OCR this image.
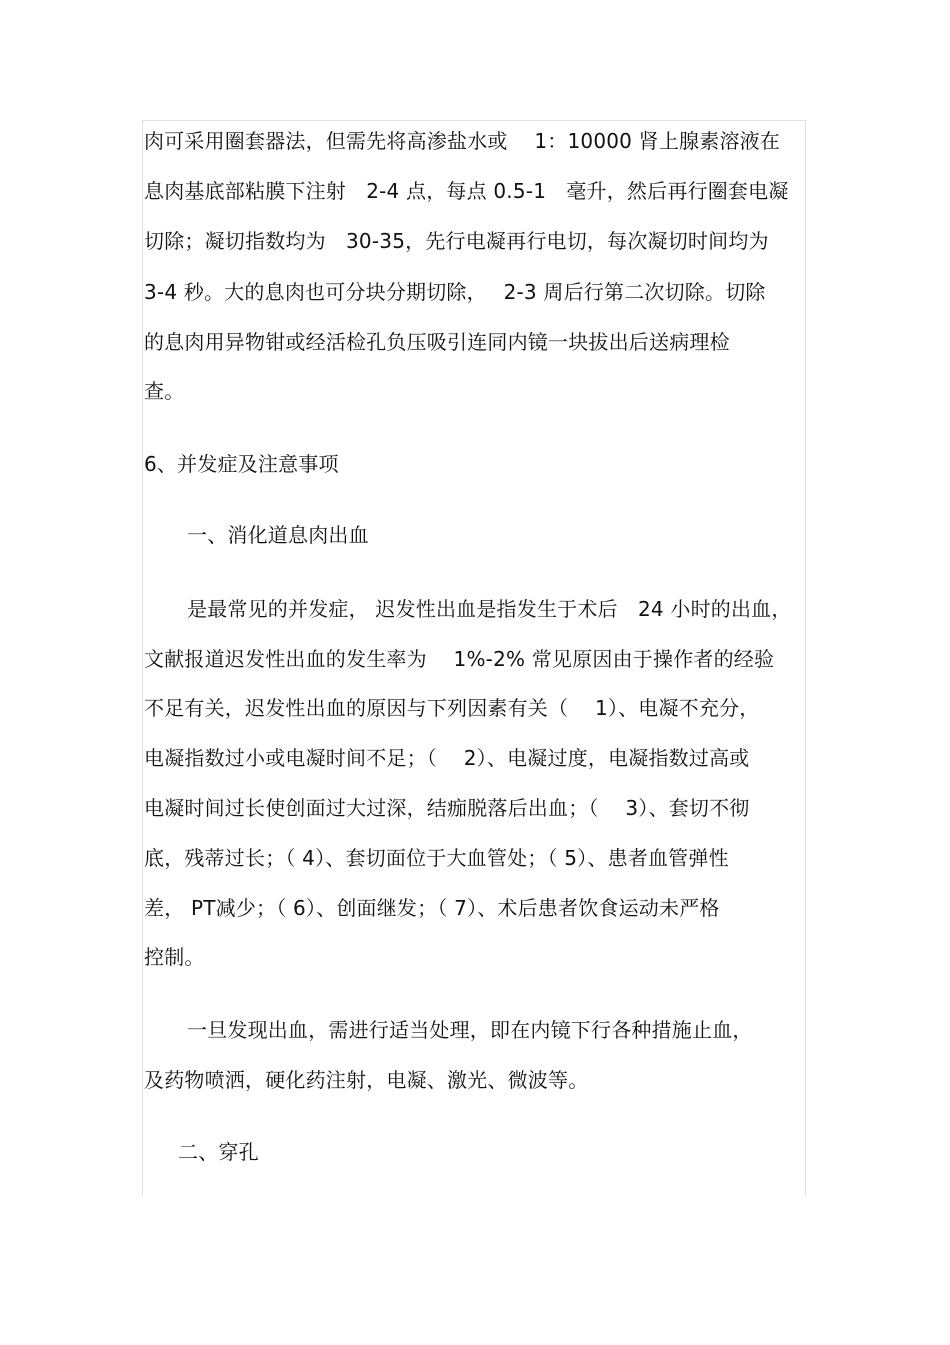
肉可采用圈套器法，但需先将高渗盐水或　 1：10000 肾上腺素溶液在
息肉基底部粘膜下注射　2-4 点，每点 0.5-1　毫升，然后再行圈套电凝
切除；凝切指数均为　30-35，先行电凝再行电切，每次凝切时间均为
3-4 秒。大的息肉也可分块分期切除，　 2-3 周后行第二次切除。切除
的息肉用异物钳或经活检孔负压吸引连同内镜一块拔出后送病理检
查。
6、并发症及注意事项
一、消化道息肉出血
是最常见的并发症， 迟发性出血是指发生于术后　24 小时的出血，
文献报道迟发性出血的发生率为　 1%-2% 常见原因由于操作者的经验
不足有关，迟发性出血的原因与下列因素有关（　 1）、电凝不充分，
电凝指数过小或电凝时间不足；（　 2）、电凝过度，电凝指数过高或
电凝时间过长使创面过大过深，结痂脱落后出血；（　 3）、套切不彻
底，残蒂过长；（ 4）、套切面位于大血管处；（ 5）、患者血管弹性
差， PT减少；（ 6）、创面继发；（ 7）、术后患者饮食运动未严格
控制。
一旦发现出血，需进行适当处理，即在内镜下行各种措施止血，
及药物喷洒，硬化药注射，电凝、激光、微波等。
二、穿孔
